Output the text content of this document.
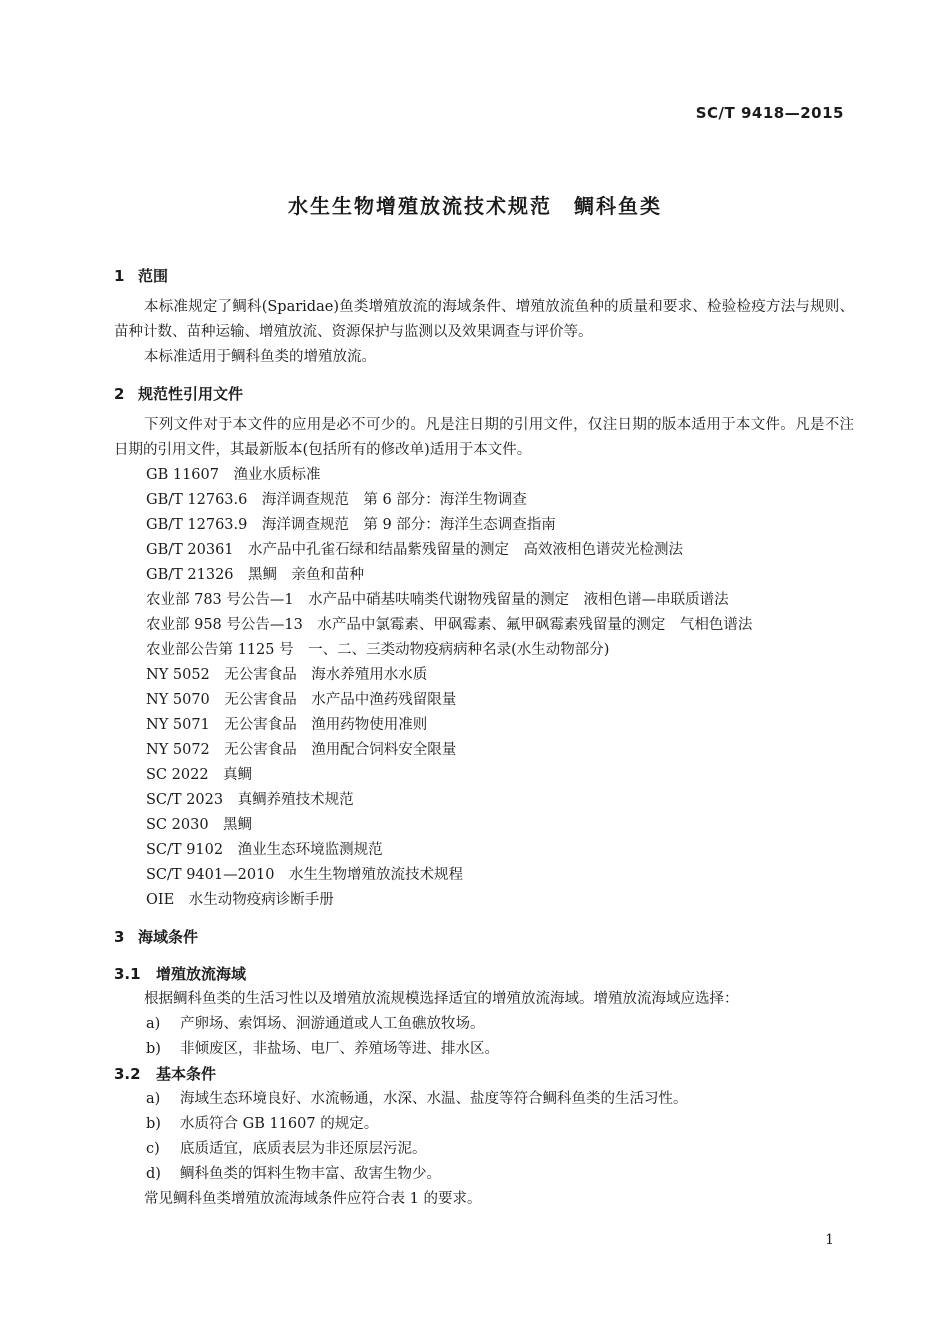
SC/T 9418—2015
水生生物增殖放流技术规范　鲷科鱼类
1 范围

本标准规定了鲷科(Sparidae)鱼类增殖放流的海域条件、增殖放流鱼种的质量和要求、检验检疫方法与规则、苗种计数、苗种运输、增殖放流、资源保护与监测以及效果调查与评价等。

本标准适用于鲷科鱼类的增殖放流。

2 规范性引用文件

下列文件对于本文件的应用是必不可少的。凡是注日期的引用文件，仅注日期的版本适用于本文件。凡是不注日期的引用文件，其最新版本(包括所有的修改单)适用于本文件。

GB 11607　渔业水质标准

GB/T 12763.6　海洋调查规范　第 6 部分：海洋生物调查

GB/T 12763.9　海洋调查规范　第 9 部分：海洋生态调查指南

GB/T 20361　水产品中孔雀石绿和结晶紫残留量的测定　高效液相色谱荧光检测法

GB/T 21326　黑鲷　亲鱼和苗种

农业部 783 号公告—1　水产品中硝基呋喃类代谢物残留量的测定　液相色谱—串联质谱法

农业部 958 号公告—13　水产品中氯霉素、甲砜霉素、氟甲砜霉素残留量的测定　气相色谱法

农业部公告第 1125 号　一、二、三类动物疫病病种名录(水生动物部分)

NY 5052　无公害食品　海水养殖用水水质

NY 5070　无公害食品　水产品中渔药残留限量

NY 5071　无公害食品　渔用药物使用准则

NY 5072　无公害食品　渔用配合饲料安全限量

SC 2022　真鲷

SC/T 2023　真鲷养殖技术规范

SC 2030　黑鲷

SC/T 9102　渔业生态环境监测规范

SC/T 9401—2010　水生生物增殖放流技术规程

OIE　水生动物疫病诊断手册

3 海域条件
3.1 增殖放流海域

根据鲷科鱼类的生活习性以及增殖放流规模选择适宜的增殖放流海域。增殖放流海域应选择：

a) 产卵场、索饵场、洄游通道或人工鱼礁放牧场。

b) 非倾废区，非盐场、电厂、养殖场等进、排水区。

3.2 基本条件

a) 海域生态环境良好、水流畅通，水深、水温、盐度等符合鲷科鱼类的生活习性。

b) 水质符合 GB 11607 的规定。

c) 底质适宜，底质表层为非还原层污泥。

d) 鲷科鱼类的饵料生物丰富、敌害生物少。

常见鲷科鱼类增殖放流海域条件应符合表 1 的要求。

1
